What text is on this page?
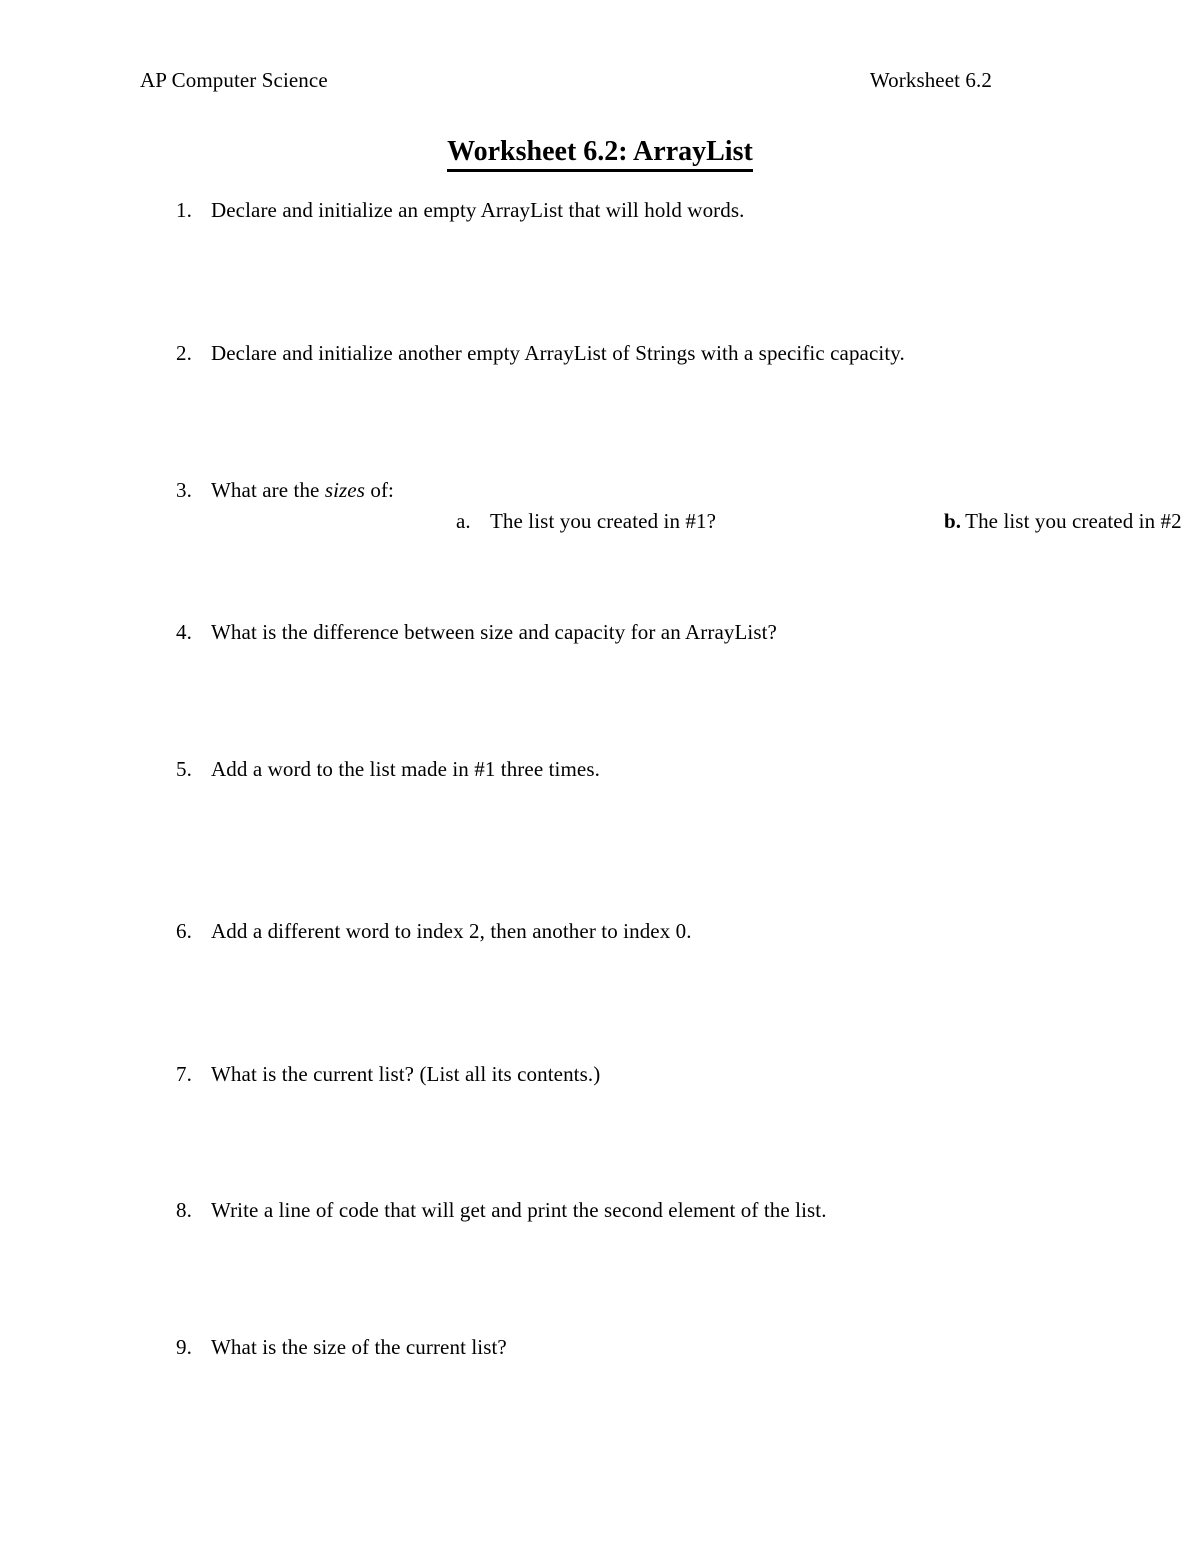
AP Computer Science	Worksheet 6.2
Worksheet 6.2: ArrayList
1. Declare and initialize an empty ArrayList that will hold words.
2. Declare and initialize another empty ArrayList of Strings with a specific capacity.
3. What are the sizes of:
a. The list you created in #1?	b. The list you created in #2
4. What is the difference between size and capacity for an ArrayList?
5. Add a word to the list made in #1 three times.
6. Add a different word to index 2, then another to index 0.
7. What is the current list? (List all its contents.)
8. Write a line of code that will get and print the second element of the list.
9. What is the size of the current list?
